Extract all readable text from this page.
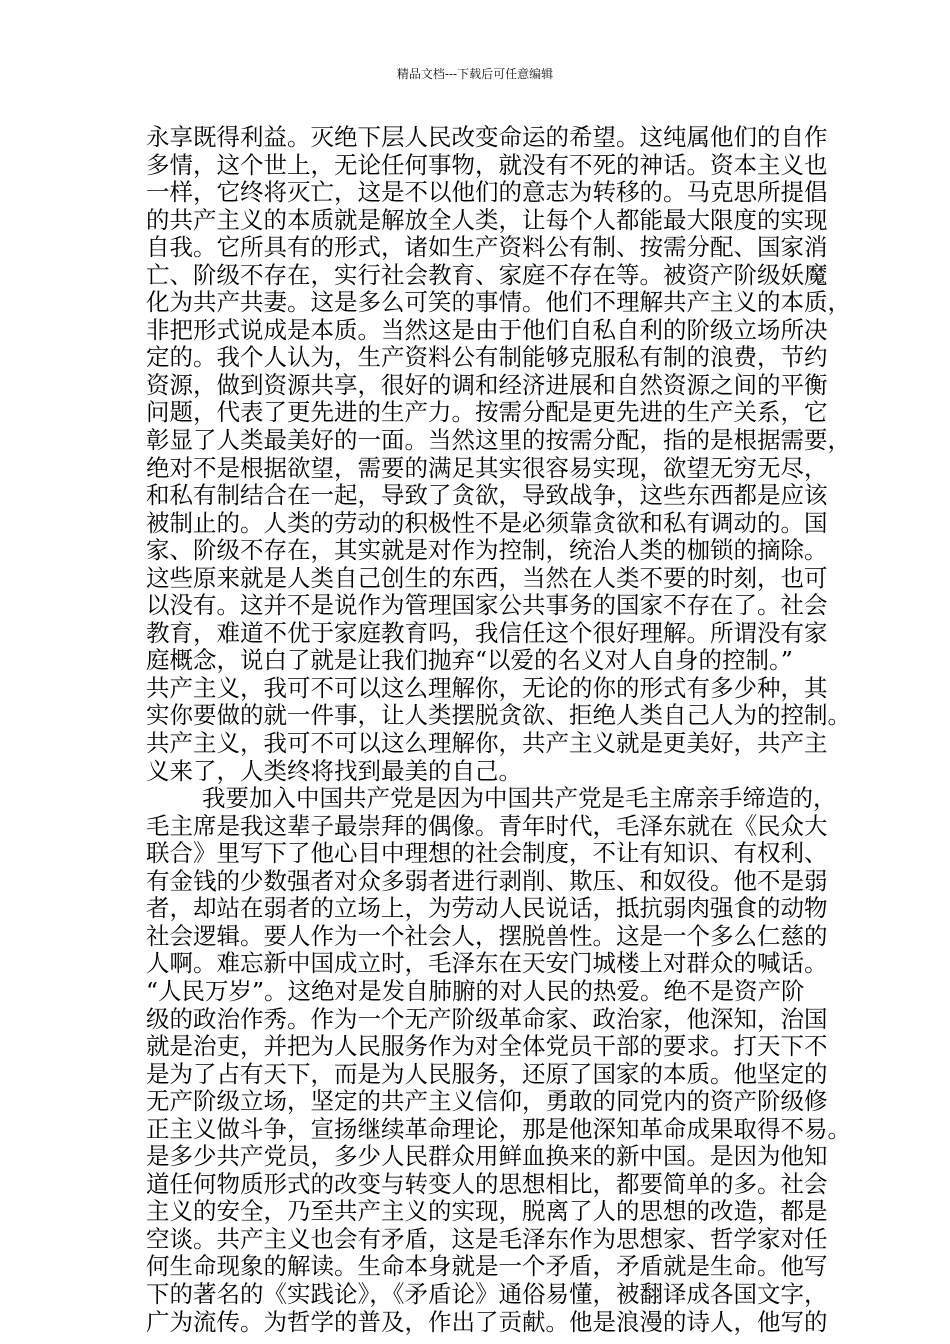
精品文档---下载后可任意编辑
永享既得利益。灭绝下层人民改变命运的希望。这纯属他们的自作
多情，这个世上，无论任何事物，就没有不死的神话。资本主义也
一样，它终将灭亡，这是不以他们的意志为转移的。马克思所提倡
的共产主义的本质就是解放全人类，让每个人都能最大限度的实现
自我。它所具有的形式，诸如生产资料公有制、按需分配、国家消
亡、阶级不存在，实行社会教育、家庭不存在等。被资产阶级妖魔
化为共产共妻。这是多么可笑的事情。他们不理解共产主义的本质，
非把形式说成是本质。当然这是由于他们自私自利的阶级立场所决
定的。我个人认为，生产资料公有制能够克服私有制的浪费，节约
资源，做到资源共享，很好的调和经济进展和自然资源之间的平衡
问题，代表了更先进的生产力。按需分配是更先进的生产关系，它
彰显了人类最美好的一面。当然这里的按需分配，指的是根据需要，
绝对不是根据欲望，需要的满足其实很容易实现，欲望无穷无尽，
和私有制结合在一起，导致了贪欲，导致战争，这些东西都是应该
被制止的。人类的劳动的积极性不是必须靠贪欲和私有调动的。国
家、阶级不存在，其实就是对作为控制，统治人类的枷锁的摘除。
这些原来就是人类自己创生的东西，当然在人类不要的时刻，也可
以没有。这并不是说作为管理国家公共事务的国家不存在了。社会
教育，难道不优于家庭教育吗，我信任这个很好理解。所谓没有家
庭概念，说白了就是让我们抛弃“以爱的名义对人自身的控制。”
共产主义，我可不可以这么理解你，无论的你的形式有多少种，其
实你要做的就一件事，让人类摆脱贪欲、拒绝人类自己人为的控制。
共产主义，我可不可以这么理解你，共产主义就是更美好，共产主
义来了，人类终将找到最美的自己。
我要加入中国共产党是因为中国共产党是毛主席亲手缔造的，
毛主席是我这辈子最崇拜的偶像。青年时代，毛泽东就在《民众大
联合》里写下了他心目中理想的社会制度，不让有知识、有权利、
有金钱的少数强者对众多弱者进行剥削、欺压、和奴役。他不是弱
者，却站在弱者的立场上，为劳动人民说话，抵抗弱肉强食的动物
社会逻辑。要人作为一个社会人，摆脱兽性。这是一个多么仁慈的
人啊。难忘新中国成立时，毛泽东在天安门城楼上对群众的喊话。
“人民万岁”。这绝对是发自肺腑的对人民的热爱。绝不是资产阶
级的政治作秀。作为一个无产阶级革命家、政治家，他深知，治国
就是治吏，并把为人民服务作为对全体党员干部的要求。打天下不
是为了占有天下，而是为人民服务，还原了国家的本质。他坚定的
无产阶级立场，坚定的共产主义信仰，勇敢的同党内的资产阶级修
正主义做斗争，宣扬继续革命理论，那是他深知革命成果取得不易。
是多少共产党员，多少人民群众用鲜血换来的新中国。是因为他知
道任何物质形式的改变与转变人的思想相比，都要简单的多。社会
主义的安全，乃至共产主义的实现，脱离了人的思想的改造，都是
空谈。共产主义也会有矛盾，这是毛泽东作为思想家、哲学家对任
何生命现象的解读。生命本身就是一个矛盾，矛盾就是生命。他写
下的著名的《实践论》，《矛盾论》通俗易懂，被翻译成各国文字，
广为流传。为哲学的普及，作出了贡献。他是浪漫的诗人，他写的
